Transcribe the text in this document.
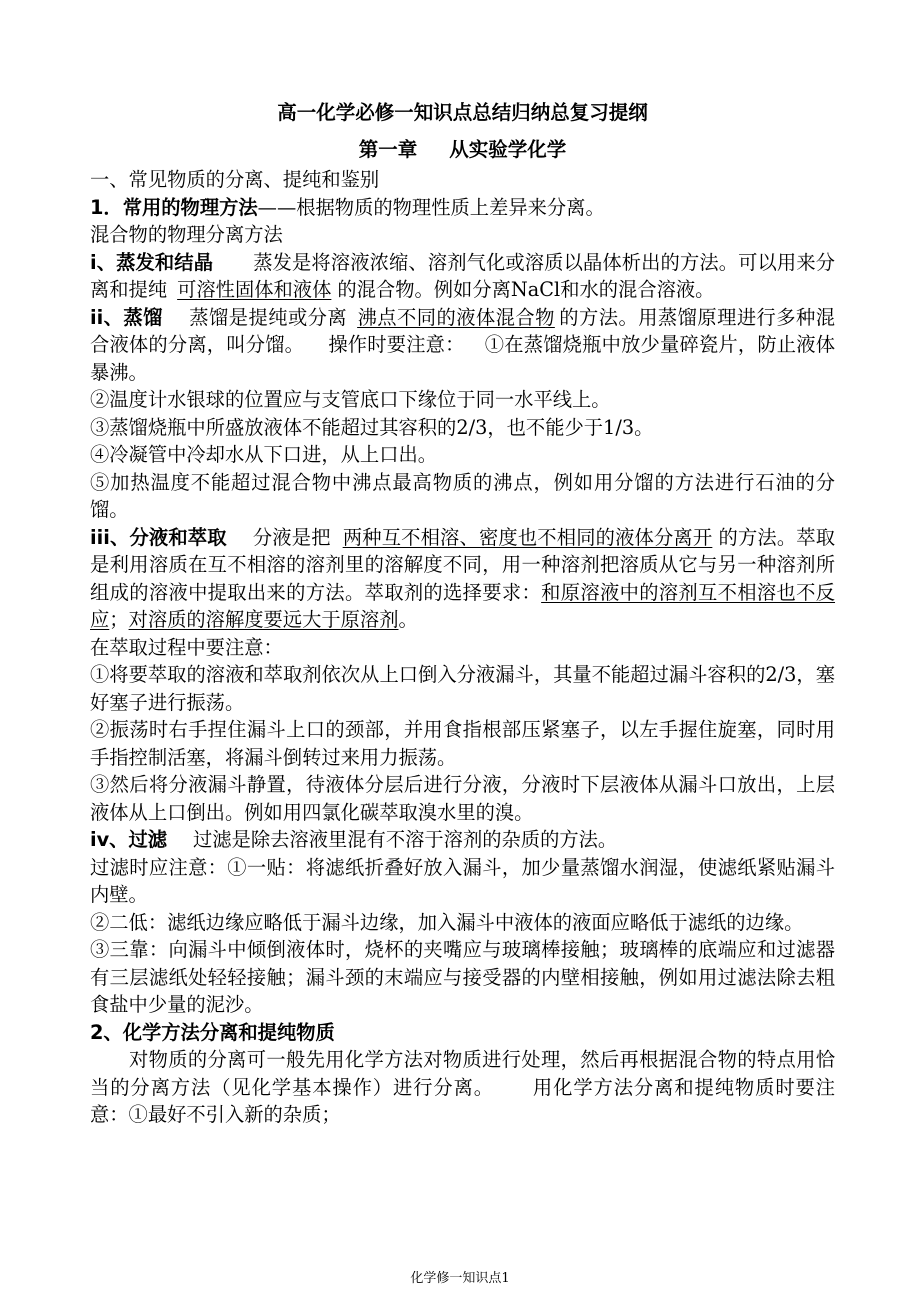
高一化学必修一知识点总结归纳总复习提纲
第一章 从实验学化学

一、常见物质的分离、提纯和鉴别

1．常用的物理方法——根据物质的物理性质上差异来分离。

混合物的物理分离方法

i、蒸发和结晶 蒸发是将溶液浓缩、溶剂气化或溶质以晶体析出的方法。可以用来分离和提纯 可溶性固体和液体 的混合物。例如分离NaCl和水的混合溶液。

ii、蒸馏 蒸馏是提纯或分离 沸点不同的液体混合物 的方法。用蒸馏原理进行多种混合液体的分离，叫分馏。 操作时要注意： ①在蒸馏烧瓶中放少量碎瓷片，防止液体暴沸。

②温度计水银球的位置应与支管底口下缘位于同一水平线上。

③蒸馏烧瓶中所盛放液体不能超过其容积的2/3，也不能少于1/3。

④冷凝管中冷却水从下口进，从上口出。

⑤加热温度不能超过混合物中沸点最高物质的沸点，例如用分馏的方法进行石油的分馏。

iii、分液和萃取 分液是把 两种互不相溶、密度也不相同的液体分离开 的方法。萃取是利用溶质在互不相溶的溶剂里的溶解度不同，用一种溶剂把溶质从它与另一种溶剂所组成的溶液中提取出来的方法。萃取剂的选择要求：和原溶液中的溶剂互不相溶也不反应；对溶质的溶解度要远大于原溶剂。

在萃取过程中要注意：

①将要萃取的溶液和萃取剂依次从上口倒入分液漏斗，其量不能超过漏斗容积的2/3，塞好塞子进行振荡。

②振荡时右手捏住漏斗上口的颈部，并用食指根部压紧塞子，以左手握住旋塞，同时用手指控制活塞，将漏斗倒转过来用力振荡。

③然后将分液漏斗静置，待液体分层后进行分液，分液时下层液体从漏斗口放出，上层液体从上口倒出。例如用四氯化碳萃取溴水里的溴。

iv、过滤 过滤是除去溶液里混有不溶于溶剂的杂质的方法。

过滤时应注意：①一贴：将滤纸折叠好放入漏斗，加少量蒸馏水润湿，使滤纸紧贴漏斗内壁。

②二低：滤纸边缘应略低于漏斗边缘，加入漏斗中液体的液面应略低于滤纸的边缘。

③三靠：向漏斗中倾倒液体时，烧杯的夹嘴应与玻璃棒接触；玻璃棒的底端应和过滤器有三层滤纸处轻轻接触；漏斗颈的末端应与接受器的内壁相接触，例如用过滤法除去粗食盐中少量的泥沙。

2、化学方法分离和提纯物质

对物质的分离可一般先用化学方法对物质进行处理，然后再根据混合物的特点用恰当的分离方法（见化学基本操作）进行分离。 用化学方法分离和提纯物质时要注意：①最好不引入新的杂质；

化学修一知识点1
